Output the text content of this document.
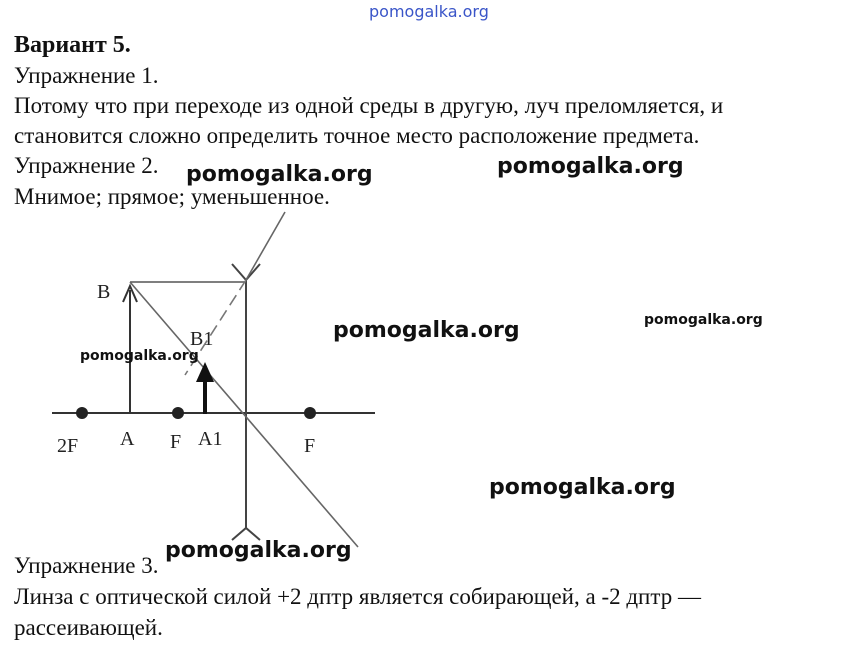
pomogalka.org
Вариант 5.
Упражнение 1.
Потому что при переходе из одной среды в другую, луч преломляется, и
становится сложно определить точное место расположение предмета.
Упражнение 2.
Мнимое; прямое; уменьшенное.
B
B1
2F A F A1	F
Упражнение 3.
Линза с оптической силой +2 дптр является собирающей, а -2 дптр —
рассеивающей.
pomogalka.org	pomogalka.org
pomogalka.org	pomogalka.org
pomogalka.org
pomogalka.org
pomogalka.org
